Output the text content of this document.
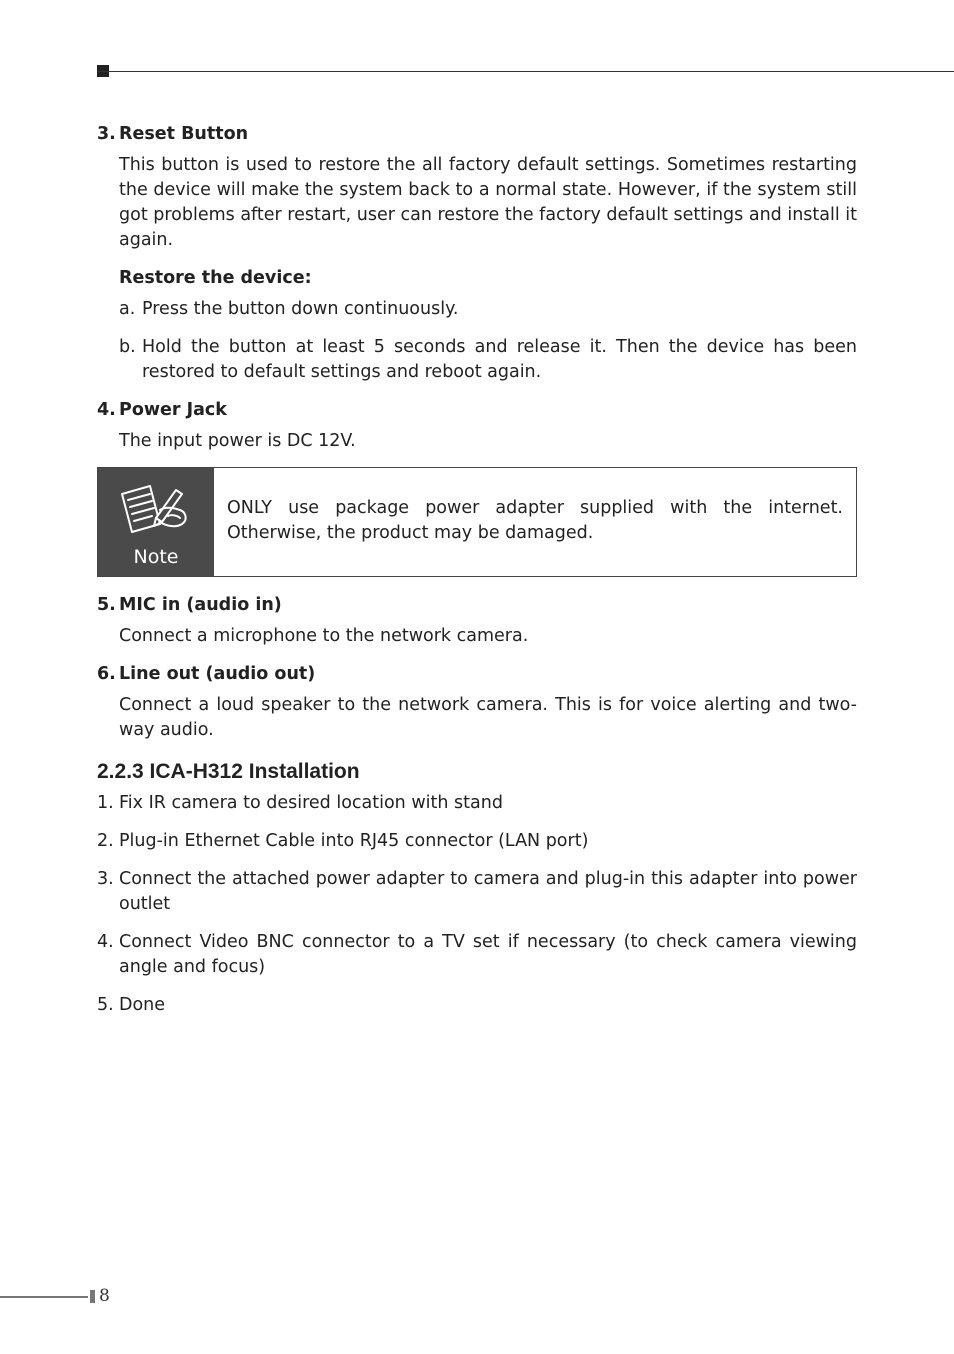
3. Reset Button
This button is used to restore the all factory default settings. Sometimes restarting the device will make the system back to a normal state. However, if the system still got problems after restart, user can restore the factory default settings and install it again.
Restore the device:
a. Press the button down continuously.
b. Hold the button at least 5 seconds and release it. Then the device has been restored to default settings and reboot again.
4. Power Jack
The input power is DC 12V.
Note
ONLY use package power adapter supplied with the internet. Otherwise, the product may be damaged.
5. MIC in (audio in)
Connect a microphone to the network camera.
6. Line out (audio out)
Connect a loud speaker to the network camera. This is for voice alerting and two-way audio.
2.2.3 ICA-H312 Installation
1. Fix IR camera to desired location with stand
2. Plug-in Ethernet Cable into RJ45 connector (LAN port)
3. Connect the attached power adapter to camera and plug-in this adapter into power outlet
4. Connect Video BNC connector to a TV set if necessary (to check camera viewing angle and focus)
5. Done
8
